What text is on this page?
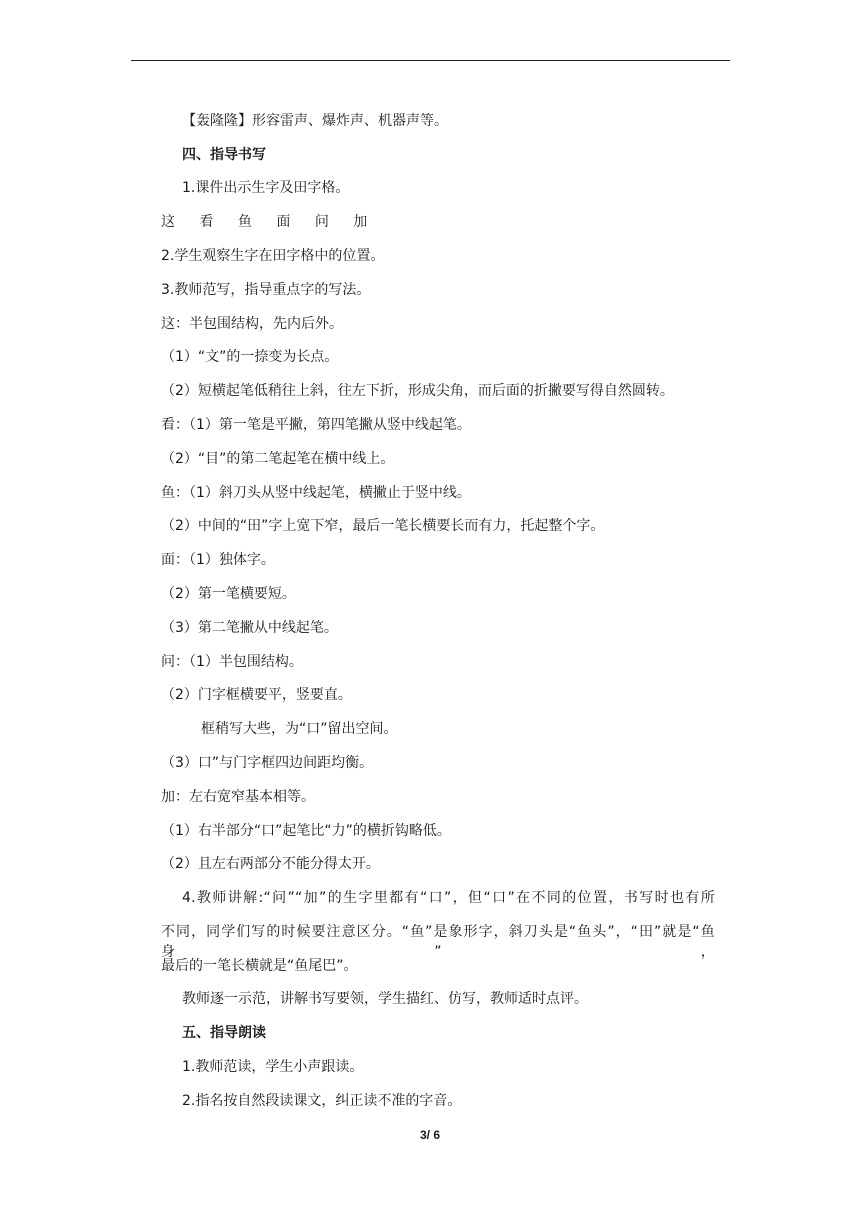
【轰隆隆】形容雷声、爆炸声、机器声等。
四、指导书写
1.课件出示生字及田字格。
这 看 鱼 面 问 加
2.学生观察生字在田字格中的位置。
3.教师范写，指导重点字的写法。
这：半包围结构，先内后外。
（1）“文”的一捺变为长点。
（2）短横起笔低稍往上斜，往左下折，形成尖角，而后面的折撇要写得自然圆转。
看：（1）第一笔是平撇，第四笔撇从竖中线起笔。
（2）“目”的第二笔起笔在横中线上。
鱼：（1）斜刀头从竖中线起笔，横撇止于竖中线。
（2）中间的“田”字上宽下窄，最后一笔长横要长而有力，托起整个字。
面：（1）独体字。
（2）第一笔横要短。
（3）第二笔撇从中线起笔。
问：（1）半包围结构。
（2）门字框横要平，竖要直。
框稍写大些，为“口”留出空间。
（3）口”与门字框四边间距均衡。
加：左右宽窄基本相等。
（1）右半部分“口”起笔比“力”的横折钩略低。
（2）且左右两部分不能分得太开。
4.教师讲解:“问”“加”的生字里都有“口”，但“口”在不同的位置，书写时也有所
不同，同学们写的时候要注意区分。“鱼”是象形字，斜刀头是“鱼头”，“田”就是“鱼身”，
最后的一笔长横就是“鱼尾巴”。
教师逐一示范，讲解书写要领，学生描红、仿写，教师适时点评。
五、指导朗读
1.教师范读，学生小声跟读。
2.指名按自然段读课文，纠正读不准的字音。
3/ 6
